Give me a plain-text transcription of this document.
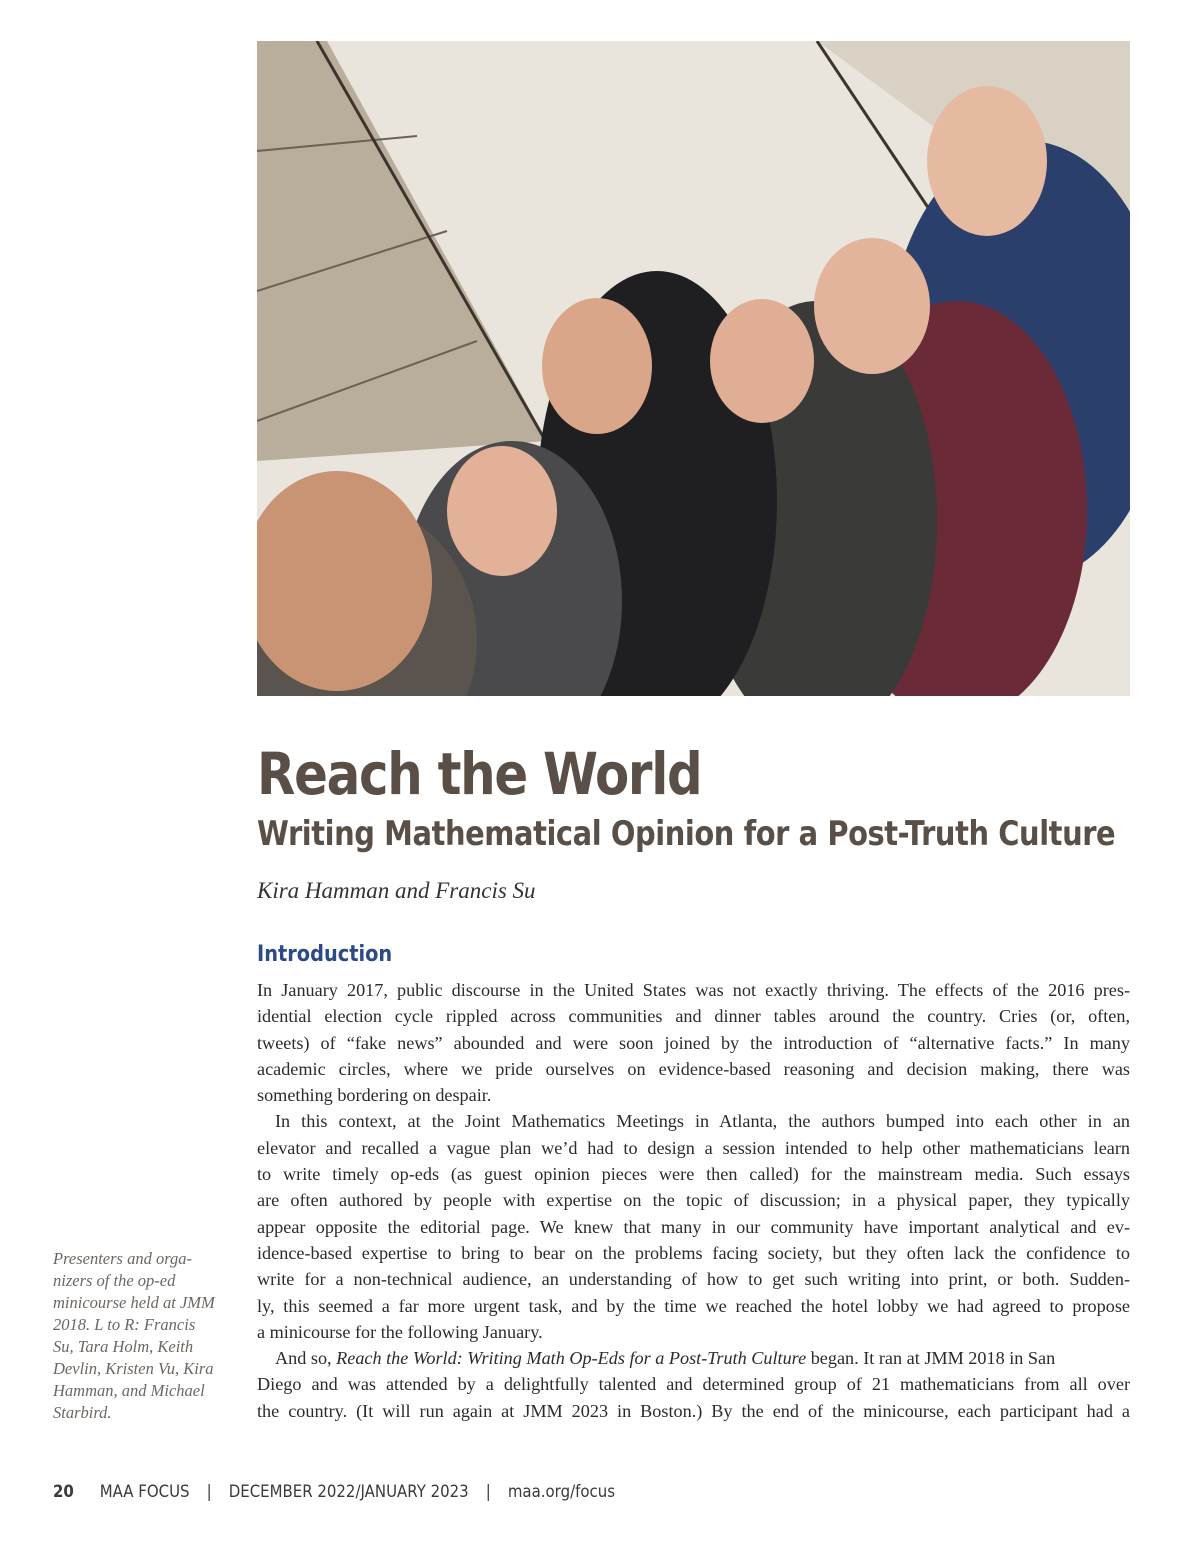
Reach the World
Writing Mathematical Opinion for a Post-Truth Culture
Kira Hamman and Francis Su
Introduction
In January 2017, public discourse in the United States was not exactly thriving. The effects of the 2016 pres-
idential election cycle rippled across communities and dinner tables around the country. Cries (or, often,
tweets) of “fake news” abounded and were soon joined by the introduction of “alternative facts.” In many
academic circles, where we pride ourselves on evidence-based reasoning and decision making, there was
something bordering on despair.
In this context, at the Joint Mathematics Meetings in Atlanta, the authors bumped into each other in an
elevator and recalled a vague plan we’d had to design a session intended to help other mathematicians learn
to write timely op-eds (as guest opinion pieces were then called) for the mainstream media. Such essays
are often authored by people with expertise on the topic of discussion; in a physical paper, they typically
appear opposite the editorial page. We knew that many in our community have important analytical and ev-
idence-based expertise to bring to bear on the problems facing society, but they often lack the confidence to
write for a non-technical audience, an understanding of how to get such writing into print, or both. Sudden-
ly, this seemed a far more urgent task, and by the time we reached the hotel lobby we had agreed to propose
a minicourse for the following January.
And so, Reach the World: Writing Math Op-Eds for a Post-Truth Culture began. It ran at JMM 2018 in San
Diego and was attended by a delightfully talented and determined group of 21 mathematicians from all over
the country. (It will run again at JMM 2023 in Boston.) By the end of the minicourse, each participant had a
Presenters and orga-
nizers of the op-ed
minicourse held at JMM
2018. L to R: Francis
Su, Tara Holm, Keith
Devlin, Kristen Vu, Kira
Hamman, and Michael
Starbird.
20 MAA FOCUS | DECEMBER 2022/JANUARY 2023 | maa.org/focus
